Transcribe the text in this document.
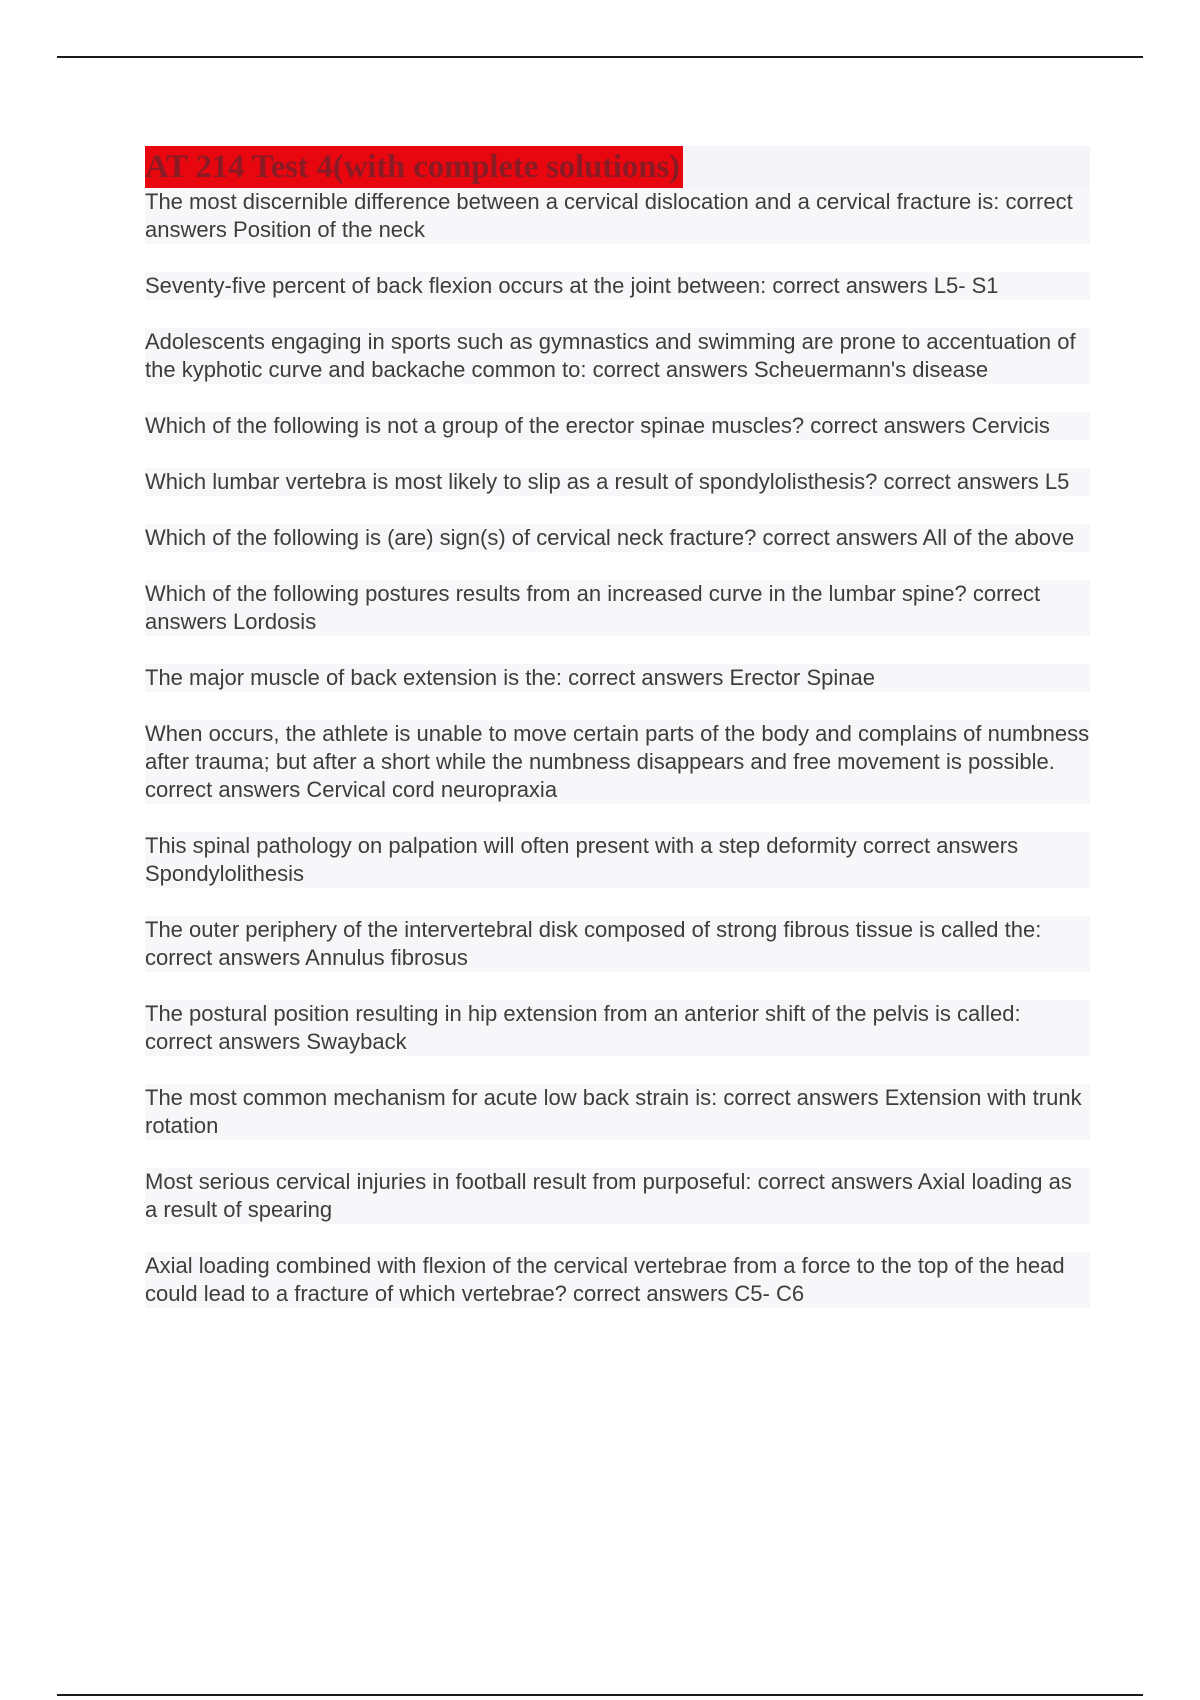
AT 214 Test 4(with complete solutions)
The most discernible difference between a cervical dislocation and a cervical fracture is: correct answers Position of the neck
Seventy-five percent of back flexion occurs at the joint between: correct answers L5- S1
Adolescents engaging in sports such as gymnastics and swimming are prone to accentuation of the kyphotic curve and backache common to: correct answers Scheuermann's disease
Which of the following is not a group of the erector spinae muscles? correct answers Cervicis
Which lumbar vertebra is most likely to slip as a result of spondylolisthesis? correct answers L5
Which of the following is (are) sign(s) of cervical neck fracture? correct answers All of the above
Which of the following postures results from an increased curve in the lumbar spine? correct answers Lordosis
The major muscle of back extension is the: correct answers Erector Spinae
When occurs, the athlete is unable to move certain parts of the body and complains of numbness after trauma; but after a short while the numbness disappears and free movement is possible. correct answers Cervical cord neuropraxia
This spinal pathology on palpation will often present with a step deformity correct answers Spondylolithesis
The outer periphery of the intervertebral disk composed of strong fibrous tissue is called the: correct answers Annulus fibrosus
The postural position resulting in hip extension from an anterior shift of the pelvis is called: correct answers Swayback
The most common mechanism for acute low back strain is: correct answers Extension with trunk rotation
Most serious cervical injuries in football result from purposeful: correct answers Axial loading as a result of spearing
Axial loading combined with flexion of the cervical vertebrae from a force to the top of the head could lead to a fracture of which vertebrae? correct answers C5- C6
